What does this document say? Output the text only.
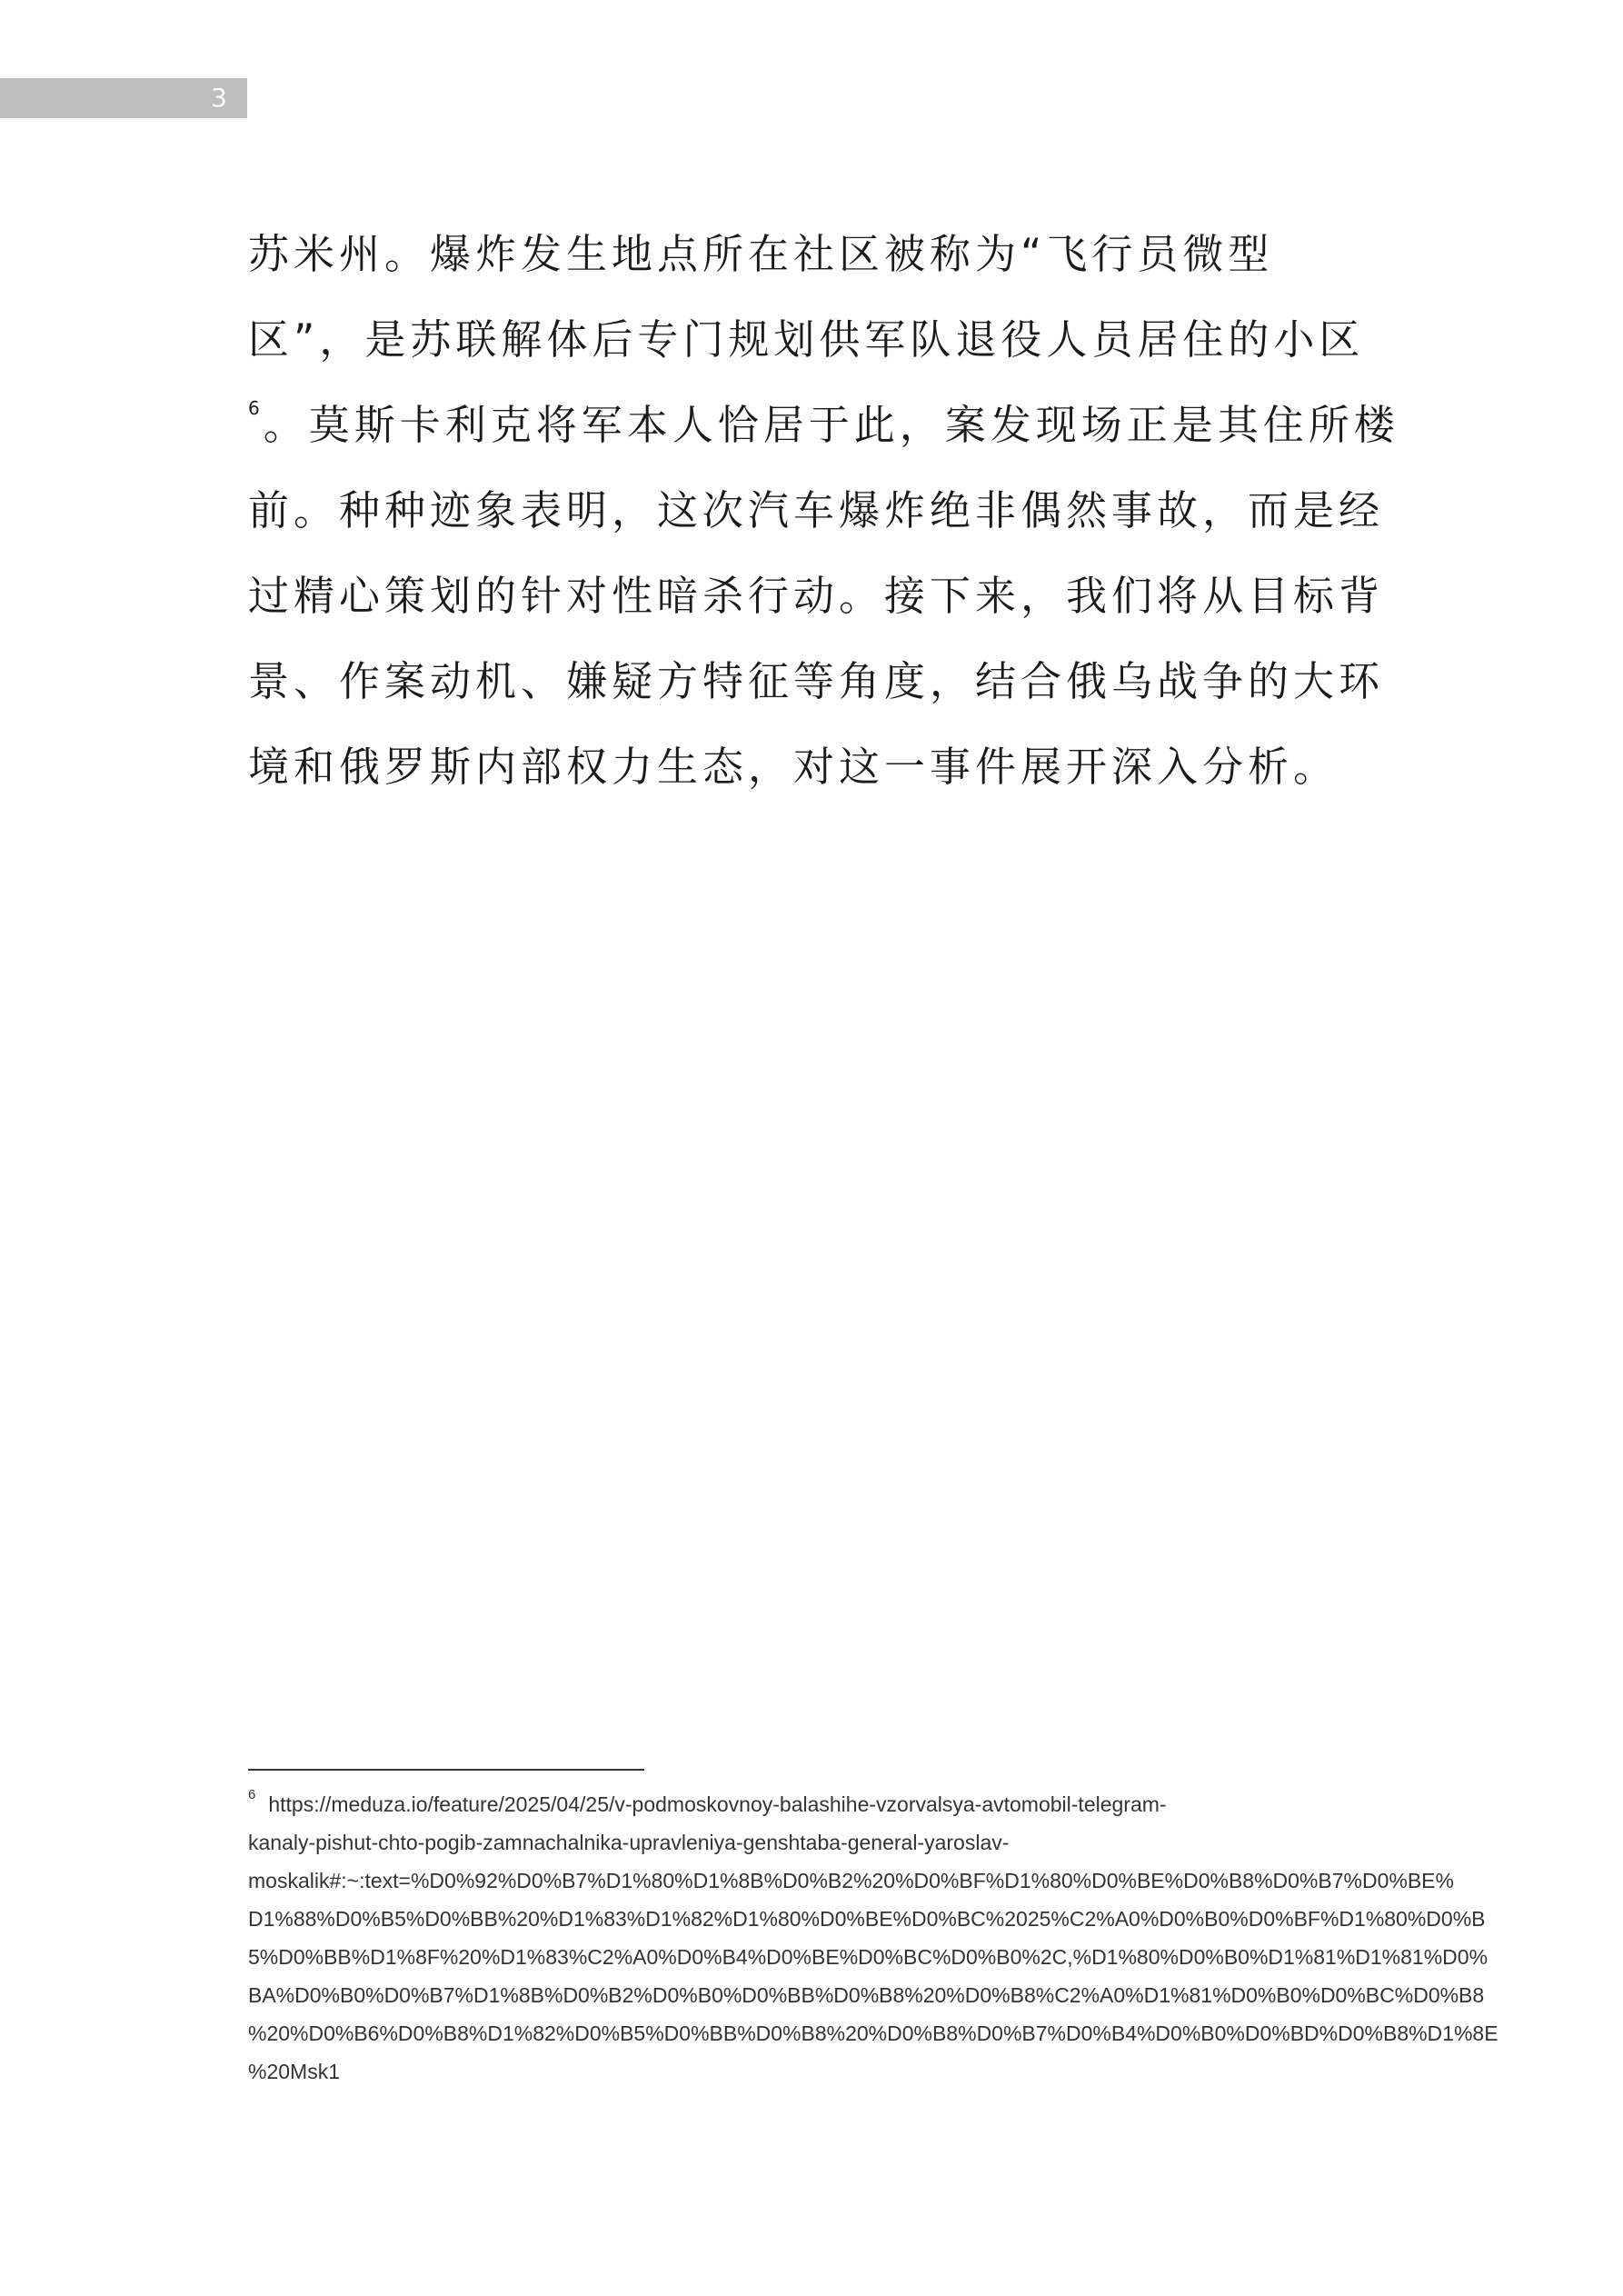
3
苏米州。爆炸发生地点所在社区被称为“飞行员微型
区”，是苏联解体后专门规划供军队退役人员居住的小区
$^6$。莫斯卡利克将军本人恰居于此，案发现场正是其住所楼
前。种种迹象表明，这次汽车爆炸绝非偶然事故，而是经
过精心策划的针对性暗杀行动。接下来，我们将从目标背
景、作案动机、嫌疑方特征等角度，结合俄乌战争的大环
境和俄罗斯内部权力生态，对这一事件展开深入分析。
$^6$ https://meduza.io/feature/2025/04/25/v-podmoskovnoy-balashihe-vzorvalsya-avtomobil-telegram-
kanaly-pishut-chto-pogib-zamnachalnika-upravleniya-genshtaba-general-yaroslav-
moskalik#:~:text=%D0%92%D0%B7%D1%80%D1%8B%D0%B2%20%D0%BF%D1%80%D0%BE%D0%B8%D0%B7%D0%BE%
D1%88%D0%B5%D0%BB%20%D1%83%D1%82%D1%80%D0%BE%D0%BC%2025%C2%A0%D0%B0%D0%BF%D1%80%D0%B
5%D0%BB%D1%8F%20%D1%83%C2%A0%D0%B4%D0%BE%D0%BC%D0%B0%2C,%D1%80%D0%B0%D1%81%D1%81%D0%
BA%D0%B0%D0%B7%D1%8B%D0%B2%D0%B0%D0%BB%D0%B8%20%D0%B8%C2%A0%D1%81%D0%B0%D0%BC%D0%B8
%20%D0%B6%D0%B8%D1%82%D0%B5%D0%BB%D0%B8%20%D0%B8%D0%B7%D0%B4%D0%B0%D0%BD%D0%B8%D1%8E
%20Msk1
